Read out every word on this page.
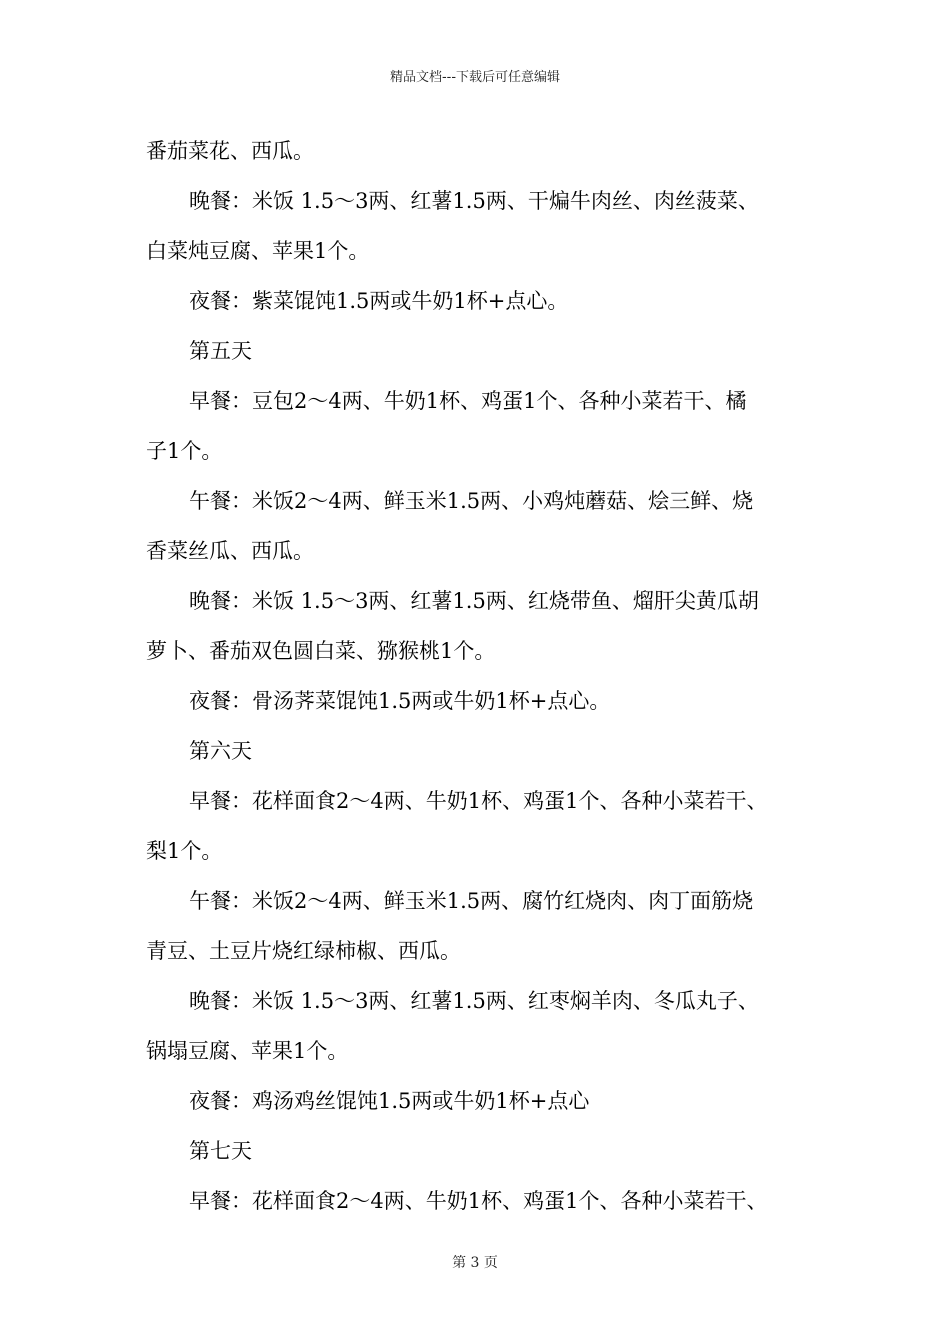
精品文档---下载后可任意编辑
番茄菜花、西瓜。
晚餐：米饭 1.5～3两、红薯1.5两、干煸牛肉丝、肉丝菠菜、
白菜炖豆腐、苹果1个。
夜餐：紫菜馄饨1.5两或牛奶1杯+点心。
第五天
早餐：豆包2～4两、牛奶1杯、鸡蛋1个、各种小菜若干、橘
子1个。
午餐：米饭2～4两、鲜玉米1.5两、小鸡炖蘑菇、烩三鲜、烧
香菜丝瓜、西瓜。
晚餐：米饭 1.5～3两、红薯1.5两、红烧带鱼、熘肝尖黄瓜胡
萝卜、番茄双色圆白菜、猕猴桃1个。
夜餐：骨汤荠菜馄饨1.5两或牛奶1杯+点心。
第六天
早餐：花样面食2～4两、牛奶1杯、鸡蛋1个、各种小菜若干、
梨1个。
午餐：米饭2～4两、鲜玉米1.5两、腐竹红烧肉、肉丁面筋烧
青豆、土豆片烧红绿柿椒、西瓜。
晚餐：米饭 1.5～3两、红薯1.5两、红枣焖羊肉、冬瓜丸子、
锅塌豆腐、苹果1个。
夜餐：鸡汤鸡丝馄饨1.5两或牛奶1杯+点心
第七天
早餐：花样面食2～4两、牛奶1杯、鸡蛋1个、各种小菜若干、
第 3 页
